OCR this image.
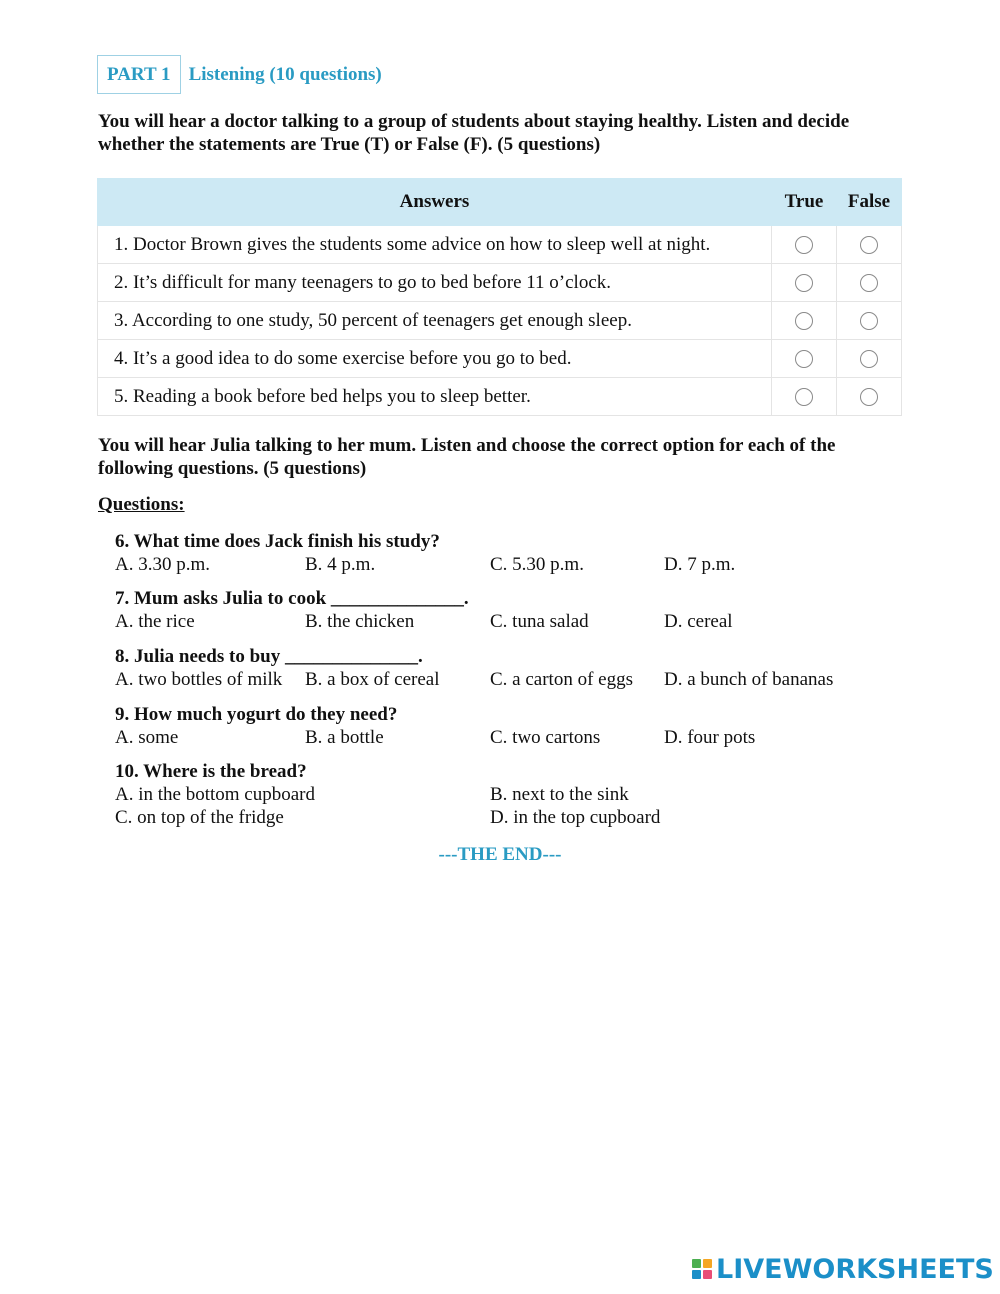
PART 1 Listening (10 questions)
You will hear a doctor talking to a group of students about staying healthy. Listen and decide whether the statements are True (T) or False (F). (5 questions)
Answers	True	False
1. Doctor Brown gives the students some advice on how to sleep well at night.		
2. It’s difficult for many teenagers to go to bed before 11 o’clock.		
3. According to one study, 50 percent of teenagers get enough sleep.		
4. It’s a good idea to do some exercise before you go to bed.		
5. Reading a book before bed helps you to sleep better.		
You will hear Julia talking to her mum. Listen and choose the correct option for each of the following questions. (5 questions)
Questions:
6. What time does Jack finish his study?
A. 3.30 p.m.	B. 4 p.m.	C. 5.30 p.m.	D. 7 p.m.
7. Mum asks Julia to cook ______________.
A. the rice	B. the chicken	C. tuna salad	D. cereal
8. Julia needs to buy ______________.
A. two bottles of milk B. a box of cereal	C. a carton of eggs D. a bunch of bananas
9. How much yogurt do they need?
A. some	B. a bottle	C. two cartons	D. four pots
10. Where is the bread?
A. in the bottom cupboard	B. next to the sink
C. on top of the fridge	D. in the top cupboard
---THE END---
LIVEWORKSHEETS
